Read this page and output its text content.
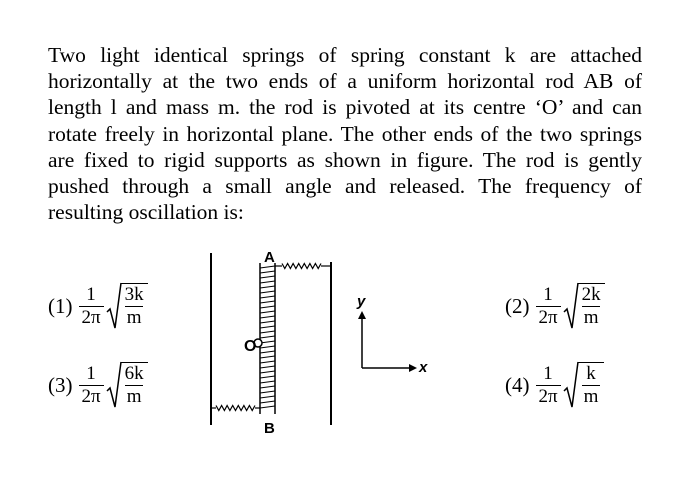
Two light identical springs of spring constant k are attached horizontally at the two ends of a uniform horizontal rod AB of length l and mass m. the rod is pivoted at its centre ‘O’ and can rotate freely in horizontal plane. The other ends of the two springs are fixed to rigid supports as shown in figure. The rod is gently pushed through a small angle and released. The frequency of resulting oscillation is:

$(1) \frac{1}{2\pi} \frac{3k}{m}$	$(2) \frac{1}{2\pi} \frac{2k}{m}$
$(3) \frac{1}{2\pi} \frac{6k}{m}$	$(4) \frac{1}{2\pi} \frac{k}{m}$
A
B
O
y
x
